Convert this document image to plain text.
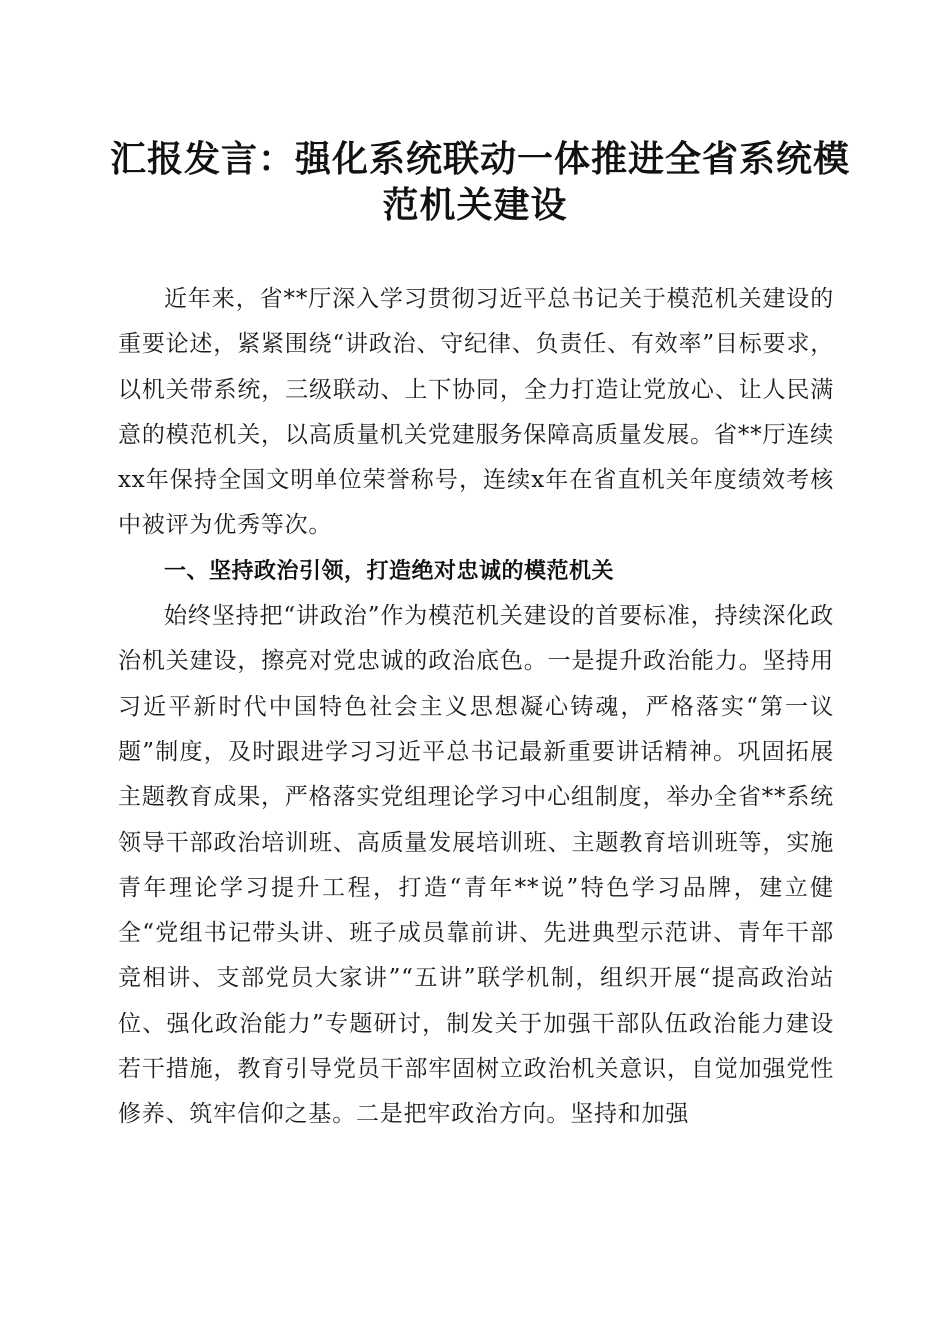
汇报发言：强化系统联动一体推进全省系统模
范机关建设

近年来，省**厅深入学习贯彻习近平总书记关于模范机关建设的重要论述，紧紧围绕“讲政治、守纪律、负责任、有效率”目标要求，以机关带系统，三级联动、上下协同，全力打造让党放心、让人民满意的模范机关，以高质量机关党建服务保障高质量发展。省**厅连续xx年保持全国文明单位荣誉称号，连续x年在省直机关年度绩效考核中被评为优秀等次。

一、坚持政治引领，打造绝对忠诚的模范机关

始终坚持把“讲政治”作为模范机关建设的首要标准，持续深化政治机关建设，擦亮对党忠诚的政治底色。一是提升政治能力。坚持用习近平新时代中国特色社会主义思想凝心铸魂，严格落实“第一议题”制度，及时跟进学习习近平总书记最新重要讲话精神。巩固拓展主题教育成果，严格落实党组理论学习中心组制度，举办全省**系统领导干部政治培训班、高质量发展培训班、主题教育培训班等，实施青年理论学习提升工程，打造“青年**说”特色学习品牌，建立健全“党组书记带头讲、班子成员靠前讲、先进典型示范讲、青年干部竞相讲、支部党员大家讲”“五讲”联学机制，组织开展“提高政治站位、强化政治能力”专题研讨，制发关于加强干部队伍政治能力建设若干措施，教育引导党员干部牢固树立政治机关意识，自觉加强党性修养、筑牢信仰之基。二是把牢政治方向。坚持和加强
